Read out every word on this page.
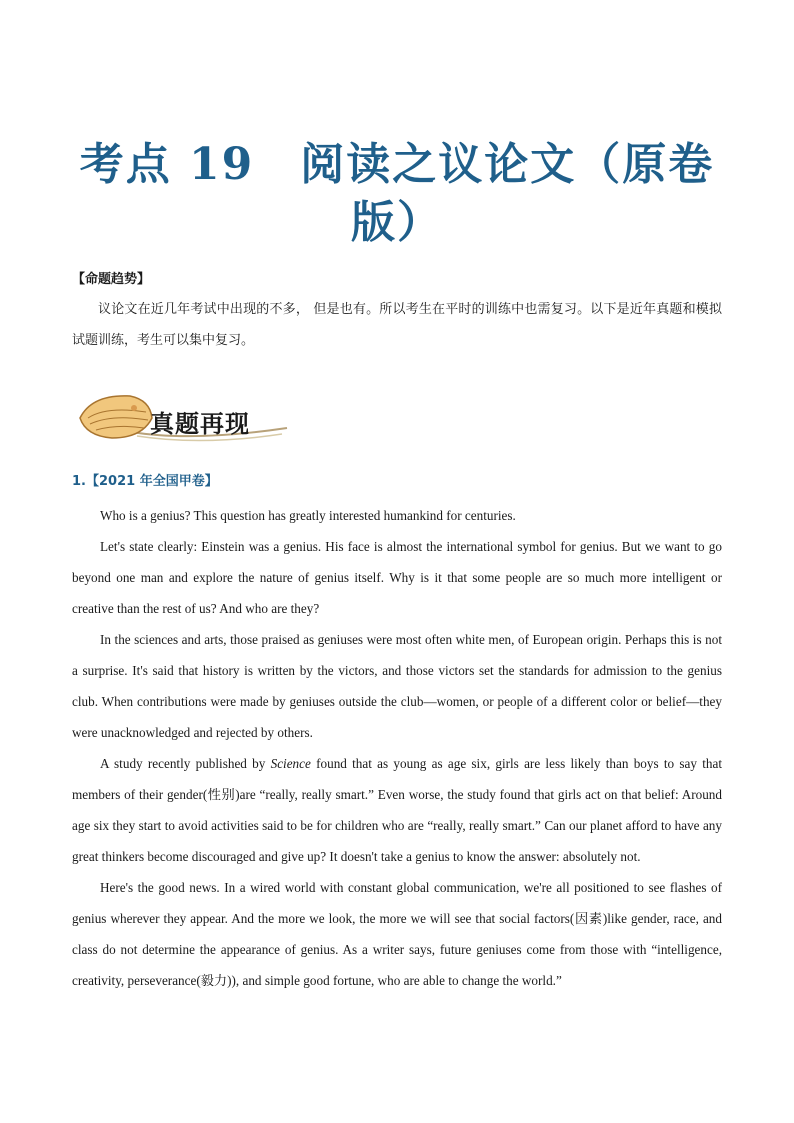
考点 19　阅读之议论文（原卷
版）
【命题趋势】

议论文在近几年考试中出现的不多， 但是也有。所以考生在平时的训练中也需复习。以下是近年真题和模拟试题训练，考生可以集中复习。

真题再现
1.【2021 年全国甲卷】

Who is a genius? This question has greatly interested humankind for centuries.

Let's state clearly: Einstein was a genius. His face is almost the international symbol for genius. But we want to go beyond one man and explore the nature of genius itself. Why is it that some people are so much more intelligent or creative than the rest of us? And who are they?

In the sciences and arts, those praised as geniuses were most often white men, of European origin. Perhaps this is not a surprise. It's said that history is written by the victors, and those victors set the standards for admission to the genius club. When contributions were made by geniuses outside the club—women, or people of a different color or belief—they were unacknowledged and rejected by others.

A study recently published by Science found that as young as age six, girls are less likely than boys to say that members of their gender(性别)are “really, really smart.” Even worse, the study found that girls act on that belief: Around age six they start to avoid activities said to be for children who are “really, really smart.” Can our planet afford to have any great thinkers become discouraged and give up? It doesn't take a genius to know the answer: absolutely not.

Here's the good news. In a wired world with constant global communication, we're all positioned to see flashes of genius wherever they appear. And the more we look, the more we will see that social factors(因素)like gender, race, and class do not determine the appearance of genius. As a writer says, future geniuses come from those with “intelligence, creativity, perseverance(毅力)), and simple good fortune, who are able to change the world.”
